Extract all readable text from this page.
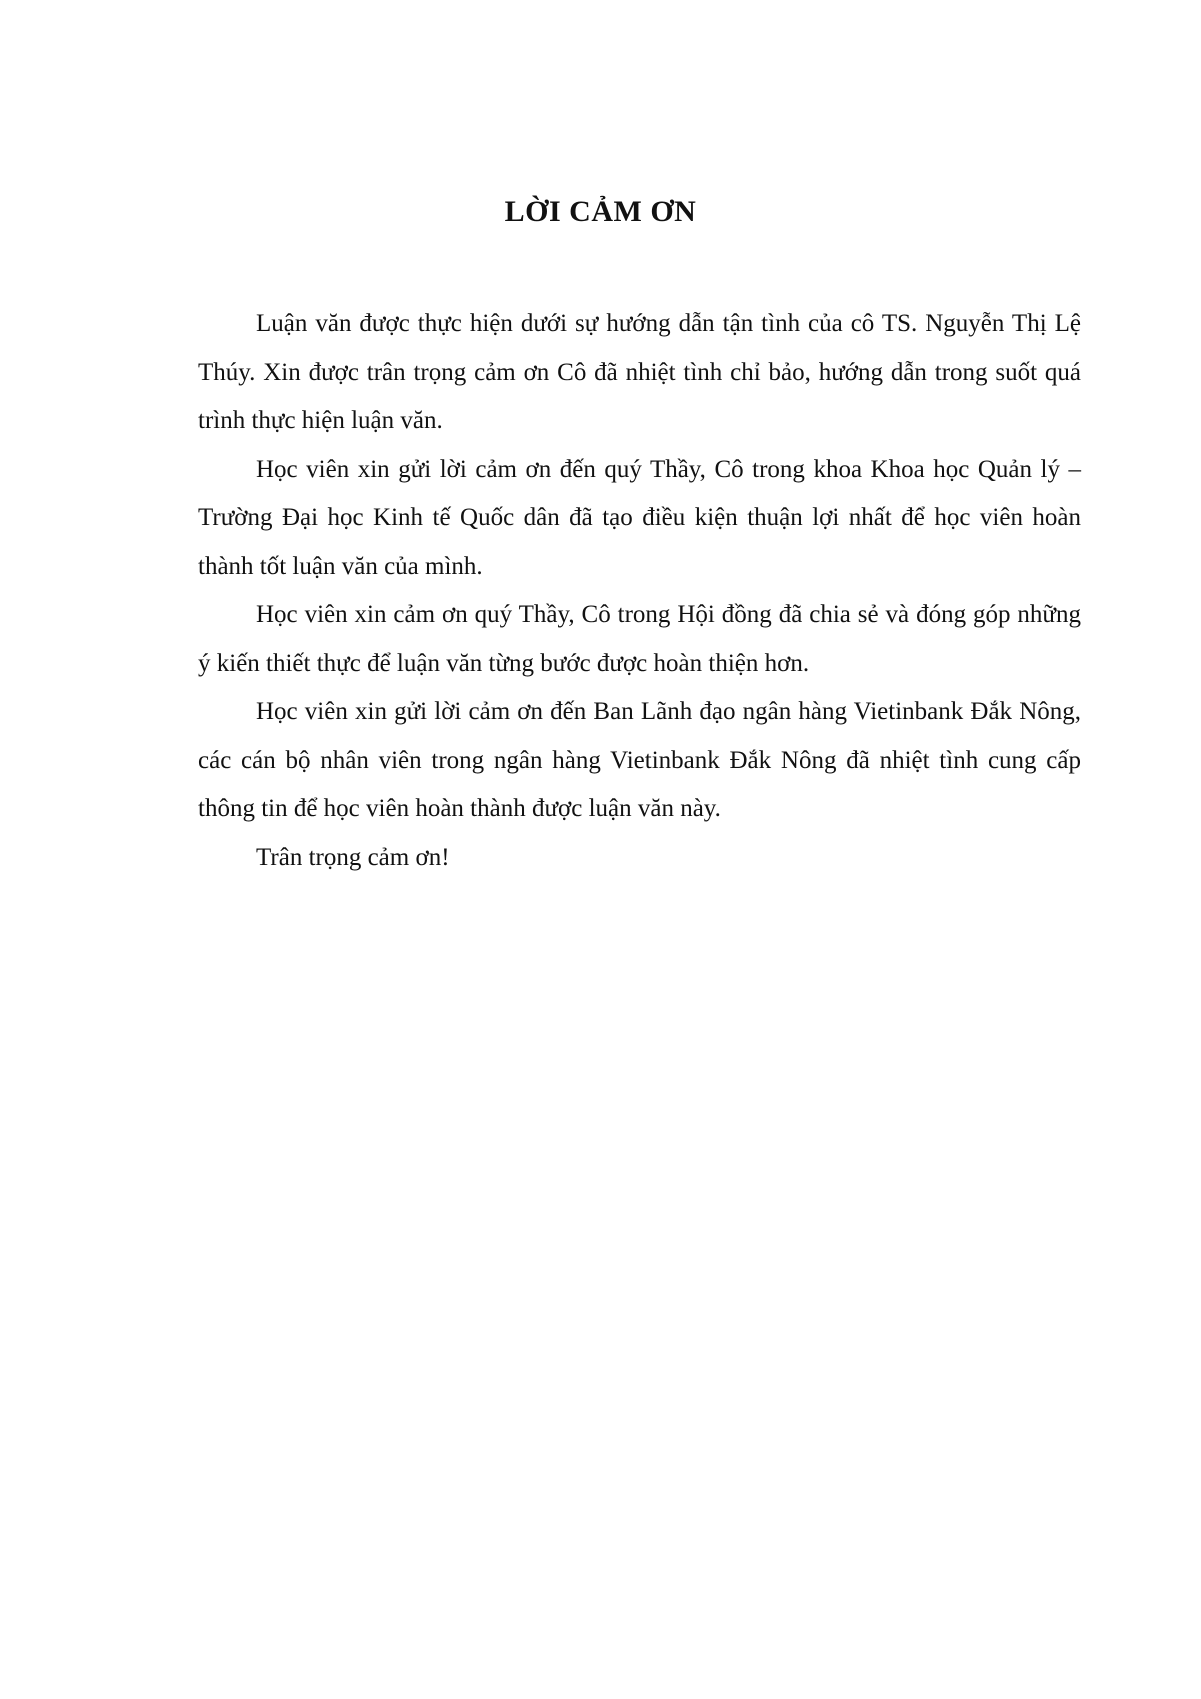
LỜI CẢM ƠN

Luận văn được thực hiện dưới sự hướng dẫn tận tình của cô TS. Nguyễn Thị Lệ Thúy. Xin được trân trọng cảm ơn Cô đã nhiệt tình chỉ bảo, hướng dẫn trong suốt quá trình thực hiện luận văn.

Học viên xin gửi lời cảm ơn đến quý Thầy, Cô trong khoa Khoa học Quản lý – Trường Đại học Kinh tế Quốc dân đã tạo điều kiện thuận lợi nhất để học viên hoàn thành tốt luận văn của mình.

Học viên xin cảm ơn quý Thầy, Cô trong Hội đồng đã chia sẻ và đóng góp những ý kiến thiết thực để luận văn từng bước được hoàn thiện hơn.

Học viên xin gửi lời cảm ơn đến Ban Lãnh đạo ngân hàng Vietinbank Đắk Nông, các cán bộ nhân viên trong ngân hàng Vietinbank Đắk Nông đã nhiệt tình cung cấp thông tin để học viên hoàn thành được luận văn này.

Trân trọng cảm ơn!
